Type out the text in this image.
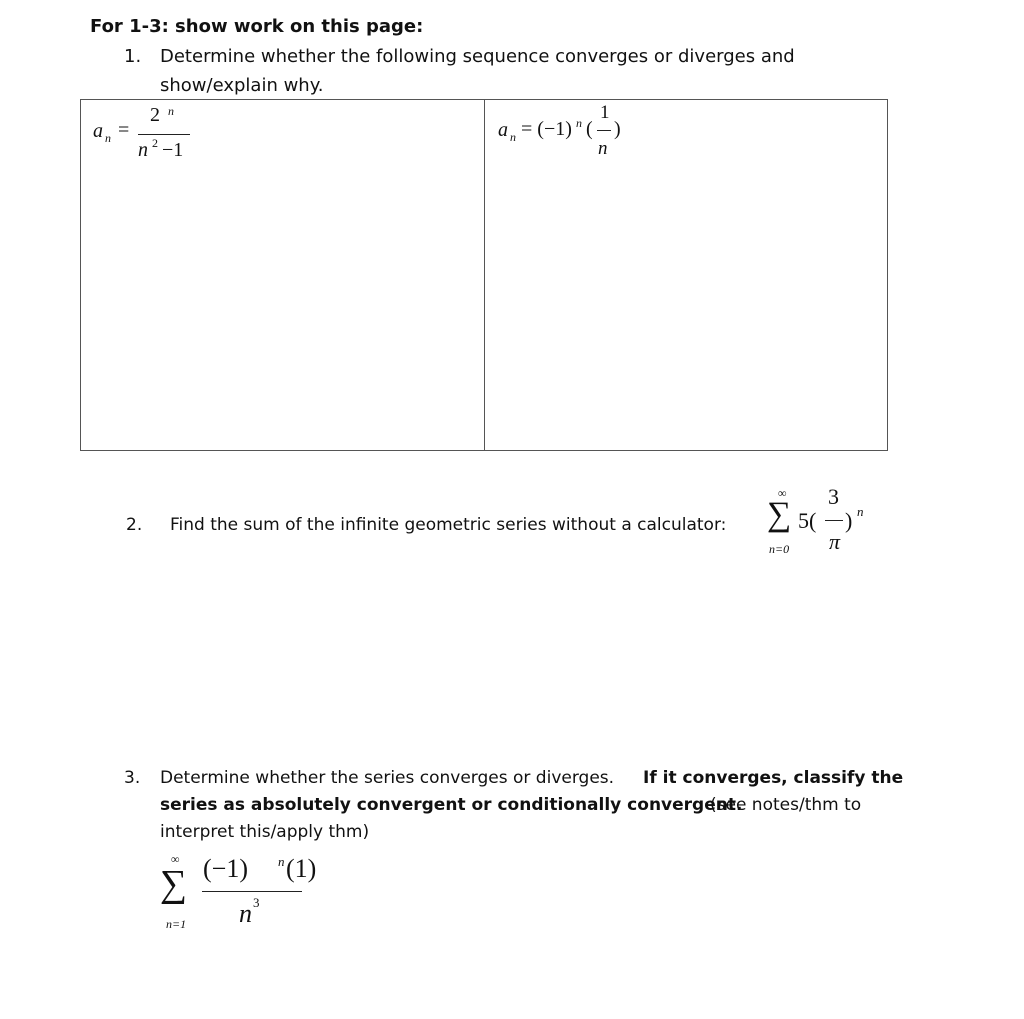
For 1-3: show work on this page:
1. Determine whether the following sequence converges or diverges and
show/explain why.
a n =
2 n
n 2 −1
a n = (−1) n (
1
n
)
2. Find the sum of the infinite geometric series without a calculator:
∞
∑
n=0
5(
3
π
) n
3. Determine whether the series converges or diverges. If it converges, classify the
series as absolutely convergent or conditionally convergent.
(see notes/thm to
interpret this/apply thm)
∞
∑
n=1
(−1) n (1)
n 3
